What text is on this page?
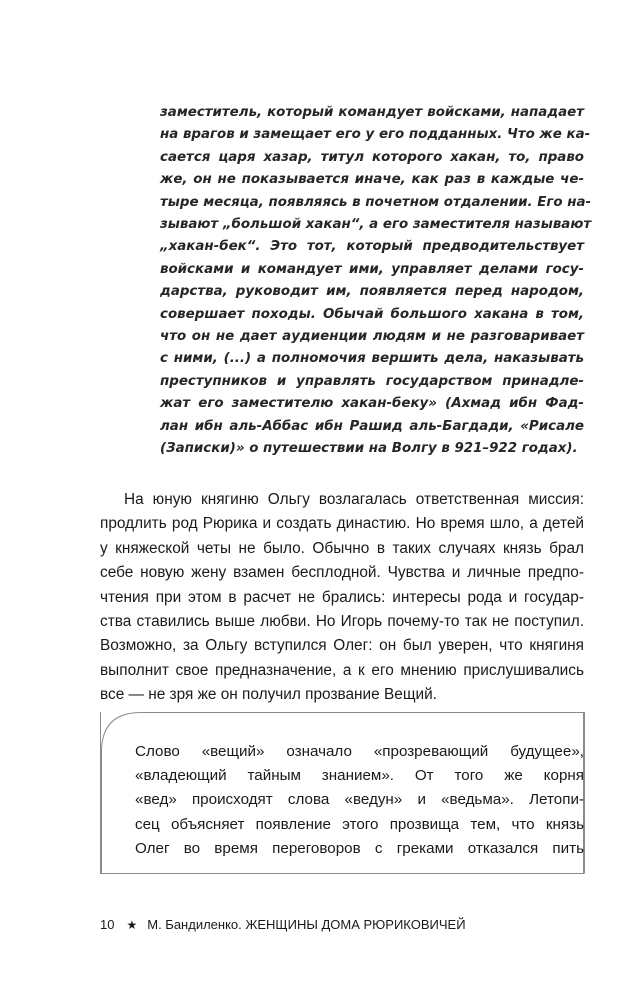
заместитель, который командует войсками, нападает
на врагов и замещает его у его подданных. Что же ка-
сается царя хазар, титул которого хакан, то, право
же, он не показывается иначе, как раз в каждые че-
тыре месяца, появляясь в почетном отдалении. Его на-
зывают „большой хакан“, а его заместителя называют
„хакан-бек“. Это тот, который предводительствует
войсками и командует ими, управляет делами госу-
дарства, руководит им, появляется перед народом,
совершает походы. Обычай большого хакана в том,
что он не дает аудиенции людям и не разговаривает
с ними, (...) а полномочия вершить дела, наказывать
преступников и управлять государством принадле-
жат его заместителю хакан-беку» (Ахмад ибн Фад-
лан ибн аль-Аббас ибн Рашид аль-Багдади, «Рисале
(Записки)» о путешествии на Волгу в 921–922 годах).
На юную княгиню Ольгу возлагалась ответственная миссия:
продлить род Рюрика и создать династию. Но время шло, а детей
у княжеской четы не было. Обычно в таких случаях князь брал
себе новую жену взамен бесплодной. Чувства и личные предпо-
чтения при этом в расчет не брались: интересы рода и государ-
ства ставились выше любви. Но Игорь почему-то так не поступил.
Возможно, за Ольгу вступился Олег: он был уверен, что княгиня
выполнит свое предназначение, а к его мнению прислушивались
все — не зря же он получил прозвание Вещий.
Слово «вещий» означало «прозревающий будущее»,
«владеющий тайным знанием». От того же корня
«вед» происходят слова «ведун» и «ведьма». Летопи-
сец объясняет появление этого прозвища тем, что князь
Олег во время переговоров с греками отказался пить
10 ★ М. Бандиленко. ЖЕНЩИНЫ ДОМА РЮРИКОВИЧЕЙ
